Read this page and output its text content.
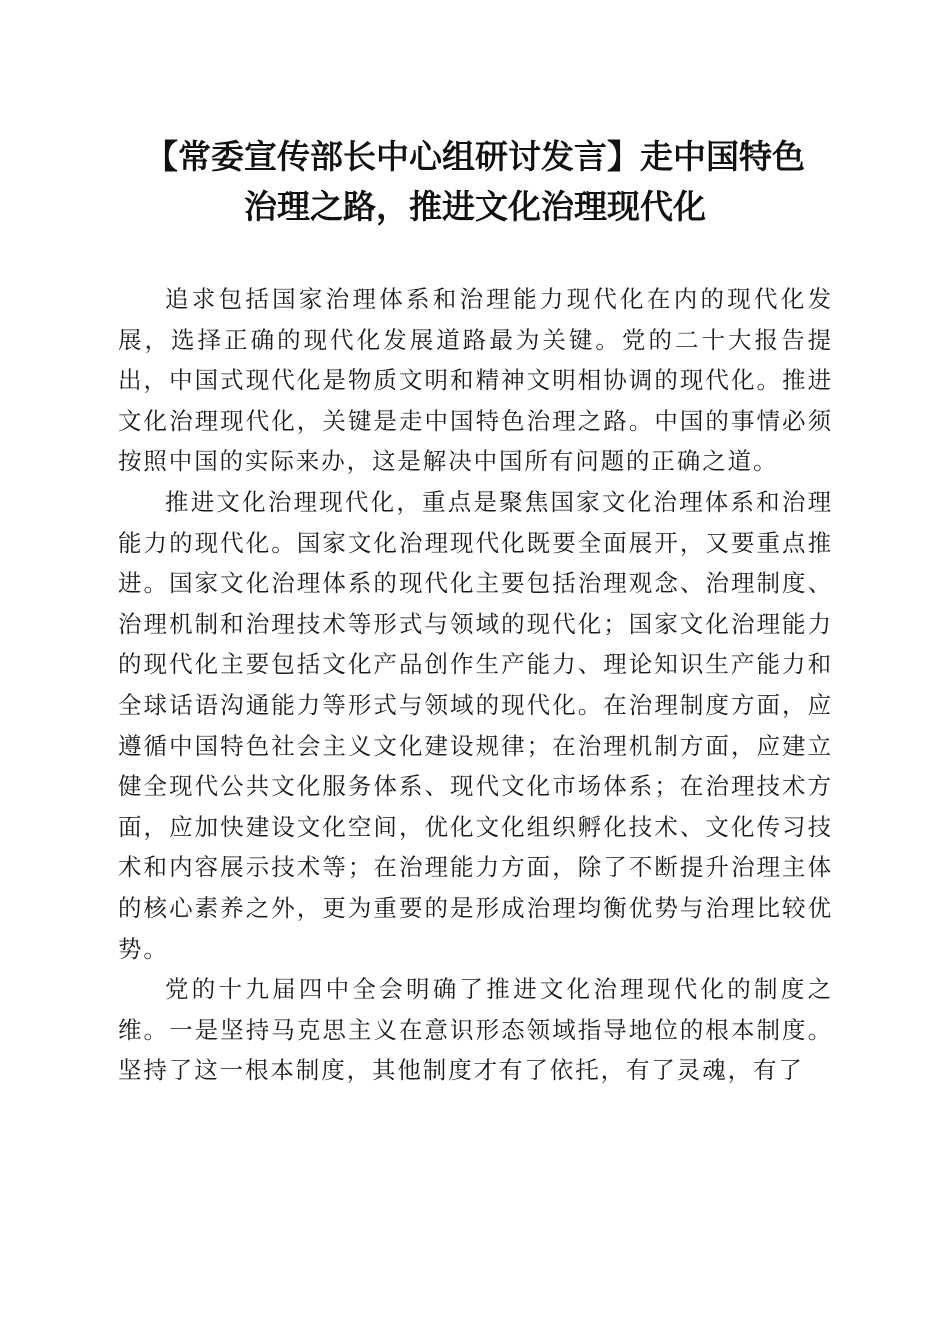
【常委宣传部长中心组研讨发言】走中国特色
治理之路，推进文化治理现代化

追求包括国家治理体系和治理能力现代化在内的现代化发展，选择正确的现代化发展道路最为关键。党的二十大报告提出，中国式现代化是物质文明和精神文明相协调的现代化。推进文化治理现代化，关键是走中国特色治理之路。中国的事情必须按照中国的实际来办，这是解决中国所有问题的正确之道。

推进文化治理现代化，重点是聚焦国家文化治理体系和治理能力的现代化。国家文化治理现代化既要全面展开，又要重点推进。国家文化治理体系的现代化主要包括治理观念、治理制度、治理机制和治理技术等形式与领域的现代化；国家文化治理能力的现代化主要包括文化产品创作生产能力、理论知识生产能力和全球话语沟通能力等形式与领域的现代化。在治理制度方面，应遵循中国特色社会主义文化建设规律；在治理机制方面，应建立健全现代公共文化服务体系、现代文化市场体系；在治理技术方面，应加快建设文化空间，优化文化组织孵化技术、文化传习技术和内容展示技术等；在治理能力方面，除了不断提升治理主体的核心素养之外，更为重要的是形成治理均衡优势与治理比较优势。

党的十九届四中全会明确了推进文化治理现代化的制度之维。一是坚持马克思主义在意识形态领域指导地位的根本制度。坚持了这一根本制度，其他制度才有了依托，有了灵魂，有了
